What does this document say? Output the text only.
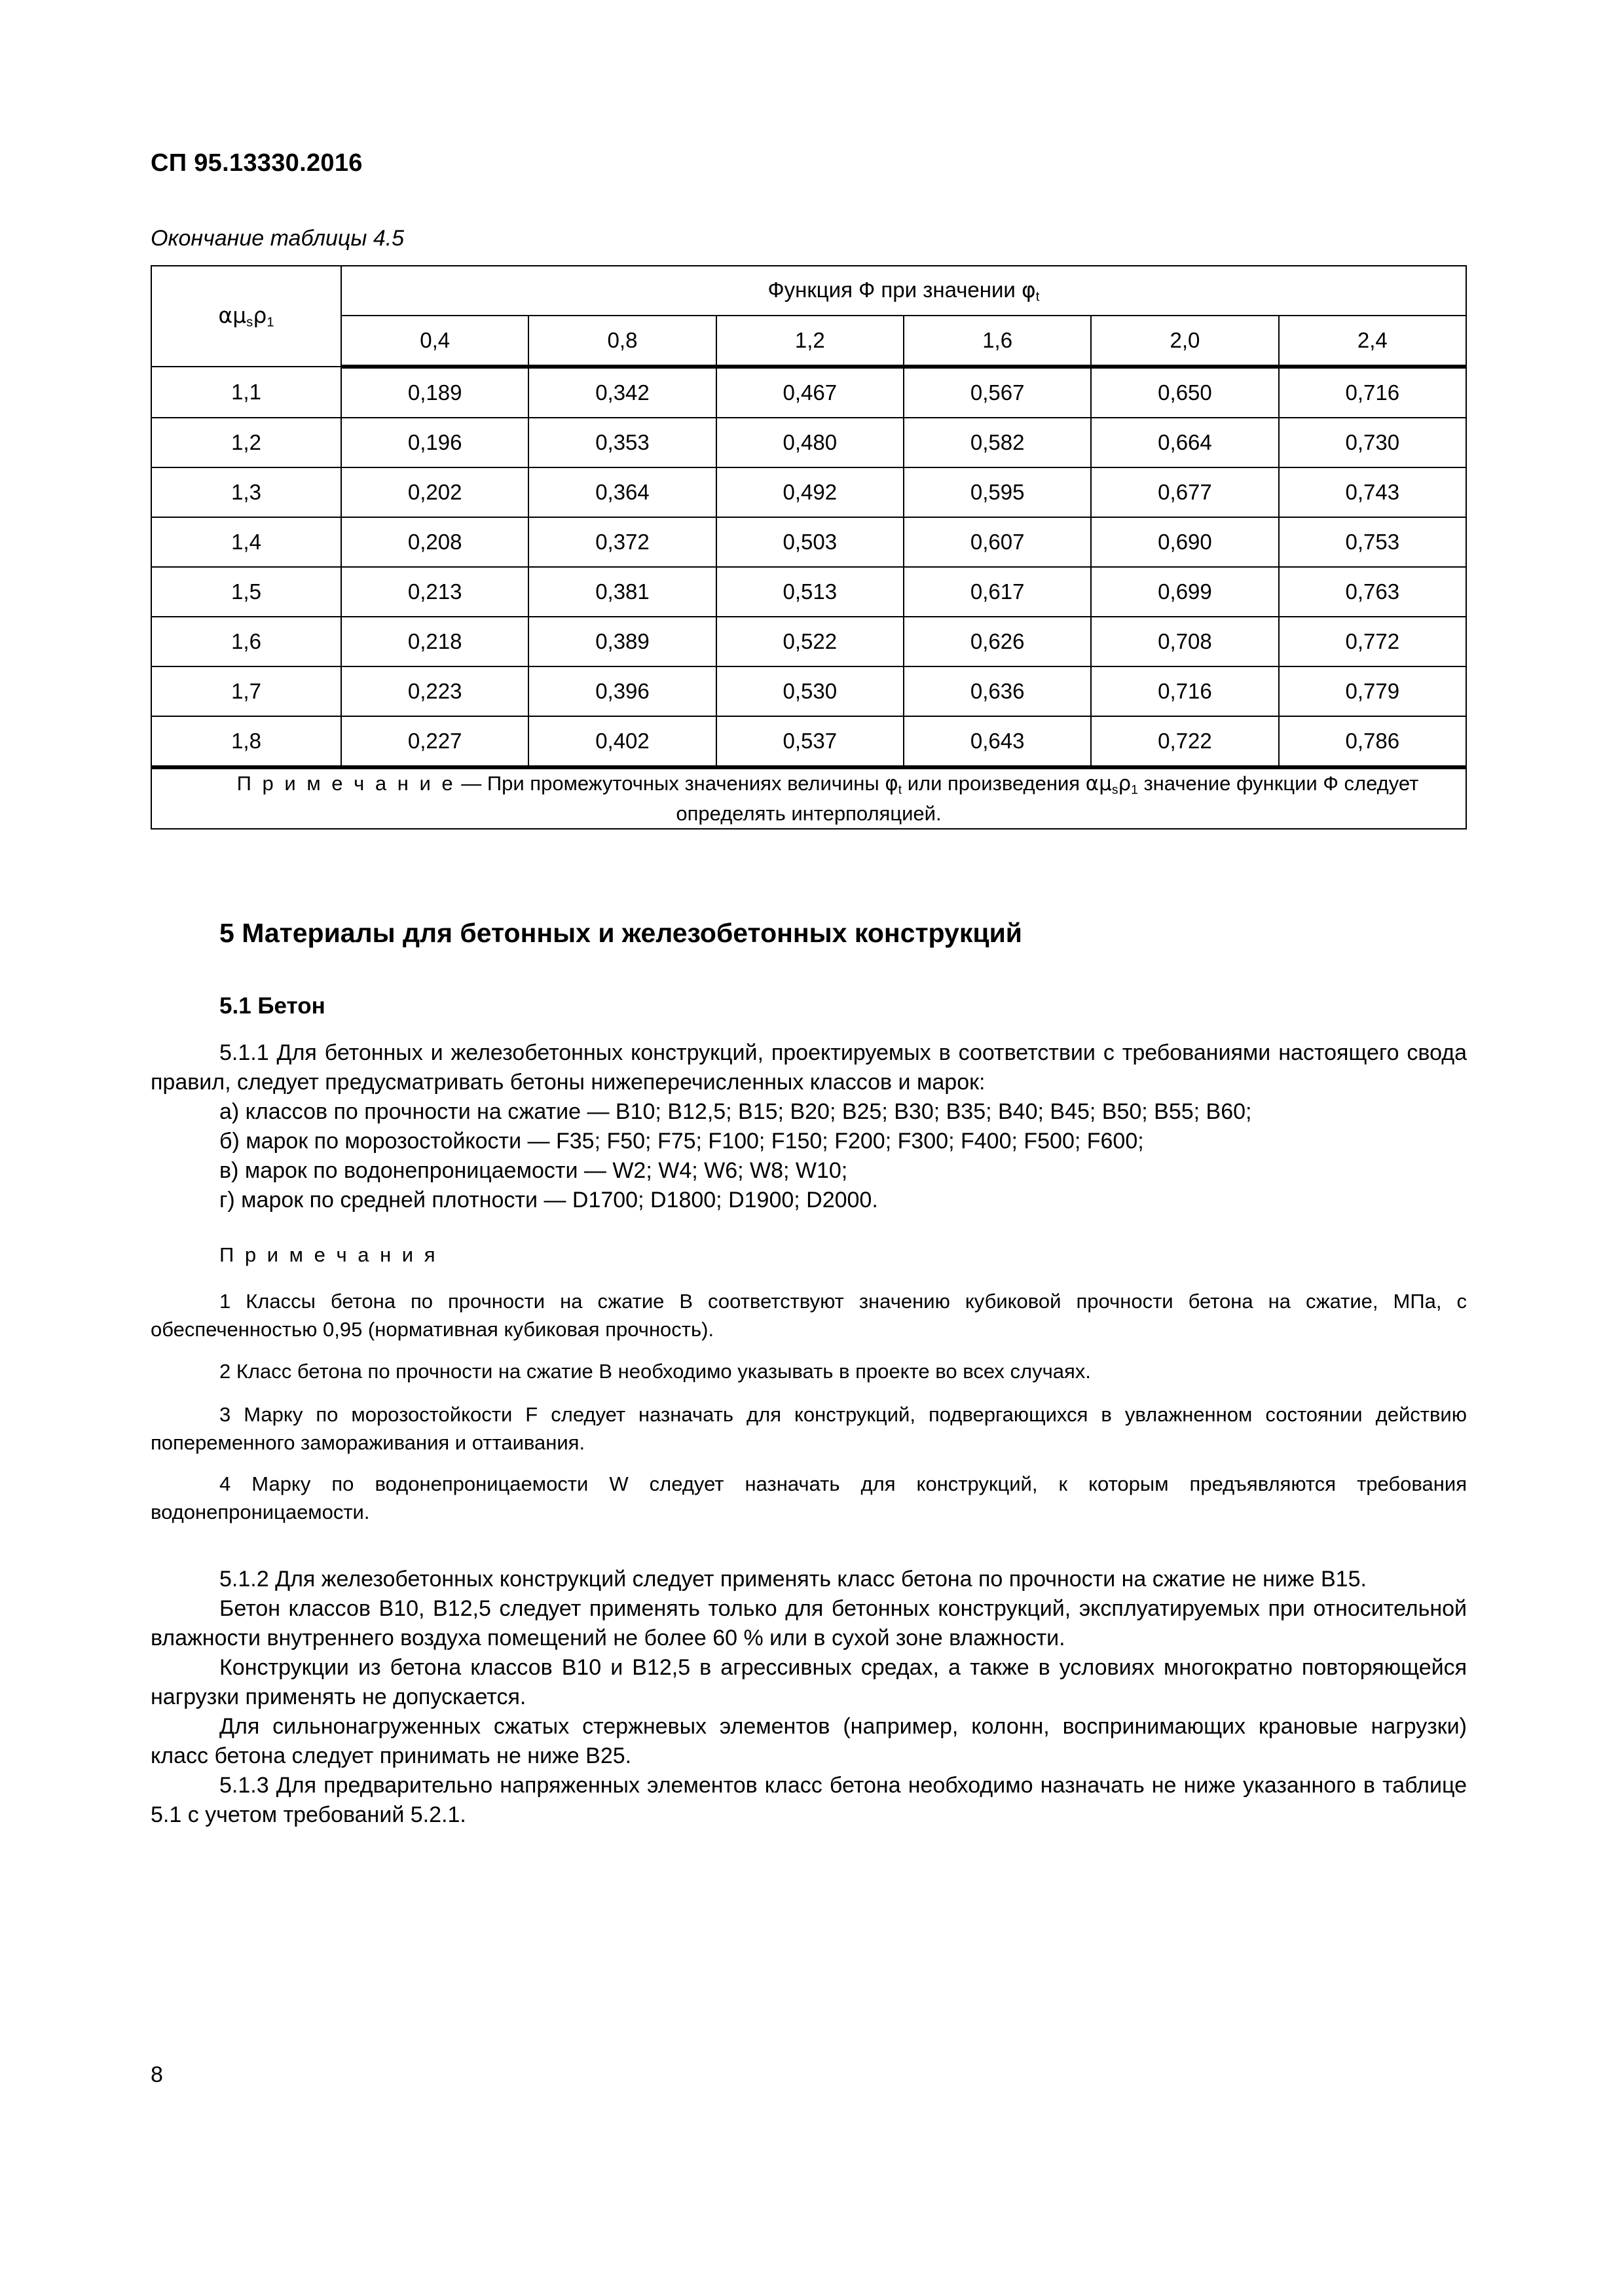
СП 95.13330.2016
Окончание таблицы 4.5
$\alpha\mu_s\rho_1$	Функция Ф при значении $\varphi_t$
	0,4	0,8	1,2	1,6	2,0	2,4
1,1	0,189	0,342	0,467	0,567	0,650	0,716
1,2	0,196	0,353	0,480	0,582	0,664	0,730
1,3	0,202	0,364	0,492	0,595	0,677	0,743
1,4	0,208	0,372	0,503	0,607	0,690	0,753
1,5	0,213	0,381	0,513	0,617	0,699	0,763
1,6	0,218	0,389	0,522	0,626	0,708	0,772
1,7	0,223	0,396	0,530	0,636	0,716	0,779
1,8	0,227	0,402	0,537	0,643	0,722	0,786
П р и м е ч а н и е — При промежуточных значениях величины $\varphi_t$ или произведения $\alpha\mu_s\rho_1$ значение функции Ф следует определять интерполяцией.						
5 Материалы для бетонных и железобетонных конструкций
5.1 Бетон

5.1.1 Для бетонных и железобетонных конструкций, проектируемых в соответствии с требованиями настоящего свода правил, следует предусматривать бетоны нижеперечисленных классов и марок:

а) классов по прочности на сжатие — В10; В12,5; В15; В20; В25; В30; В35; В40; В45; В50; В55; В60;

б) марок по морозостойкости — F35; F50; F75; F100; F150; F200; F300; F400; F500; F600;

в) марок по водонепроницаемости — W2; W4; W6; W8; W10;

г) марок по средней плотности — D1700; D1800; D1900; D2000.

П р и м е ч а н и я

1 Классы бетона по прочности на сжатие В соответствуют значению кубиковой прочности бетона на сжатие, МПа, с обеспеченностью 0,95 (нормативная кубиковая прочность).

2 Класс бетона по прочности на сжатие В необходимо указывать в проекте во всех случаях.

3 Марку по морозостойкости F следует назначать для конструкций, подвергающихся в увлажненном состоянии действию попеременного замораживания и оттаивания.

4 Марку по водонепроницаемости W следует назначать для конструкций, к которым предъявляются требования водонепроницаемости.

5.1.2 Для железобетонных конструкций следует применять класс бетона по прочности на сжатие не ниже В15.

Бетон классов В10, В12,5 следует применять только для бетонных конструкций, эксплуатируемых при относительной влажности внутреннего воздуха помещений не более 60 % или в сухой зоне влажности.

Конструкции из бетона классов В10 и В12,5 в агрессивных средах, а также в условиях многократно повторяющейся нагрузки применять не допускается.

Для сильнонагруженных сжатых стержневых элементов (например, колонн, воспринимающих крановые нагрузки) класс бетона следует принимать не ниже В25.

5.1.3 Для предварительно напряженных элементов класс бетона необходимо назначать не ниже указанного в таблице 5.1 с учетом требований 5.2.1.

8
